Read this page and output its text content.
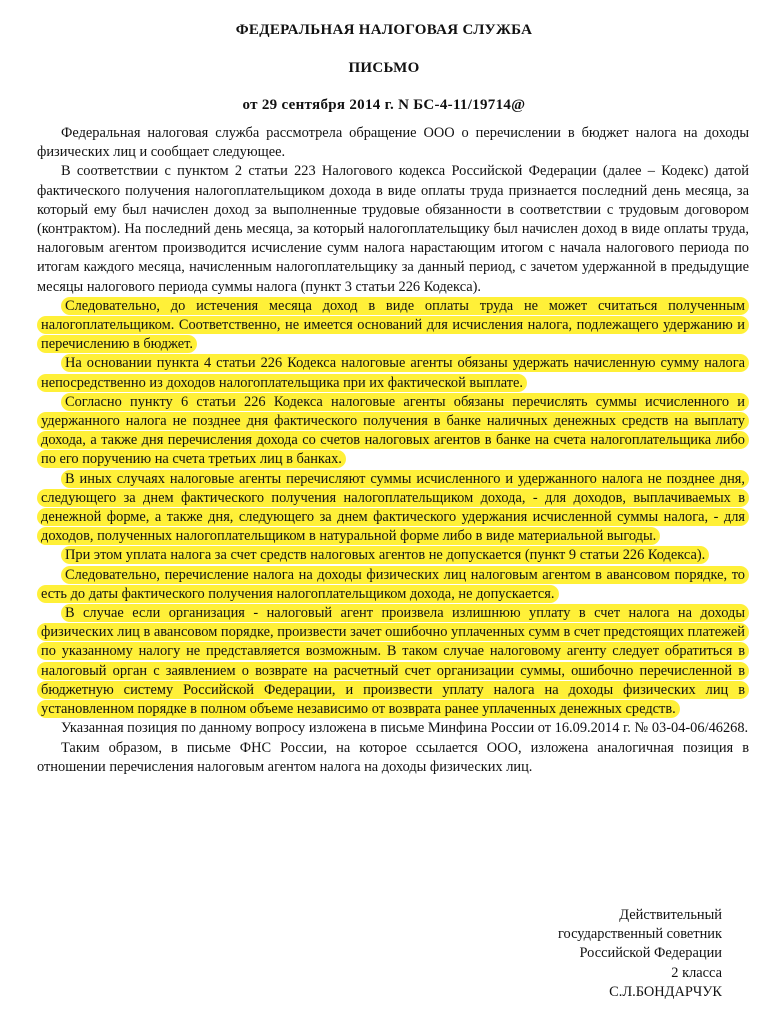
ФЕДЕРАЛЬНАЯ НАЛОГОВАЯ СЛУЖБА
ПИСЬМО
от 29 сентября 2014 г. N БС-4-11/19714@

Федеральная налоговая служба рассмотрела обращение ООО о перечислении в бюджет налога на доходы физических лиц и сообщает следующее.

В соответствии с пунктом 2 статьи 223 Налогового кодекса Российской Федерации (далее – Кодекс) датой фактического получения налогоплательщиком дохода в виде оплаты труда признается последний день месяца, за который ему был начислен доход за выполненные трудовые обязанности в соответствии с трудовым договором (контрактом). На последний день месяца, за который налогоплательщику был начислен доход в виде оплаты труда, налоговым агентом производится исчисление сумм налога нарастающим итогом с начала налогового периода по итогам каждого месяца, начисленным налогоплательщику за данный период, с зачетом удержанной в предыдущие месяцы налогового периода суммы налога (пункт 3 статьи 226 Кодекса).

Следовательно, до истечения месяца доход в виде оплаты труда не может считаться полученным налогоплательщиком. Соответственно, не имеется оснований для исчисления налога, подлежащего удержанию и перечислению в бюджет.

На основании пункта 4 статьи 226 Кодекса налоговые агенты обязаны удержать начисленную сумму налога непосредственно из доходов налогоплательщика при их фактической выплате.

Согласно пункту 6 статьи 226 Кодекса налоговые агенты обязаны перечислять суммы исчисленного и удержанного налога не позднее дня фактического получения в банке наличных денежных средств на выплату дохода, а также дня перечисления дохода со счетов налоговых агентов в банке на счета налогоплательщика либо по его поручению на счета третьих лиц в банках.

В иных случаях налоговые агенты перечисляют суммы исчисленного и удержанного налога не позднее дня, следующего за днем фактического получения налогоплательщиком дохода, - для доходов, выплачиваемых в денежной форме, а также дня, следующего за днем фактического удержания исчисленной суммы налога, - для доходов, полученных налогоплательщиком в натуральной форме либо в виде материальной выгоды.

При этом уплата налога за счет средств налоговых агентов не допускается (пункт 9 статьи 226 Кодекса).

Следовательно, перечисление налога на доходы физических лиц налоговым агентом в авансовом порядке, то есть до даты фактического получения налогоплательщиком дохода, не допускается.

В случае если организация - налоговый агент произвела излишнюю уплату в счет налога на доходы физических лиц в авансовом порядке, произвести зачет ошибочно уплаченных сумм в счет предстоящих платежей по указанному налогу не представляется возможным. В таком случае налоговому агенту следует обратиться в налоговый орган с заявлением о возврате на расчетный счет организации суммы, ошибочно перечисленной в бюджетную систему Российской Федерации, и произвести уплату налога на доходы физических лиц в установленном порядке в полном объеме независимо от возврата ранее уплаченных денежных средств.

Указанная позиция по данному вопросу изложена в письме Минфина России от 16.09.2014 г. № 03-04-06/46268.

Таким образом, в письме ФНС России, на которое ссылается ООО, изложена аналогичная позиция в отношении перечисления налоговым агентом налога на доходы физических лиц.

Действительный
государственный советник
Российской Федерации
2 класса
С.Л.БОНДАРЧУК
